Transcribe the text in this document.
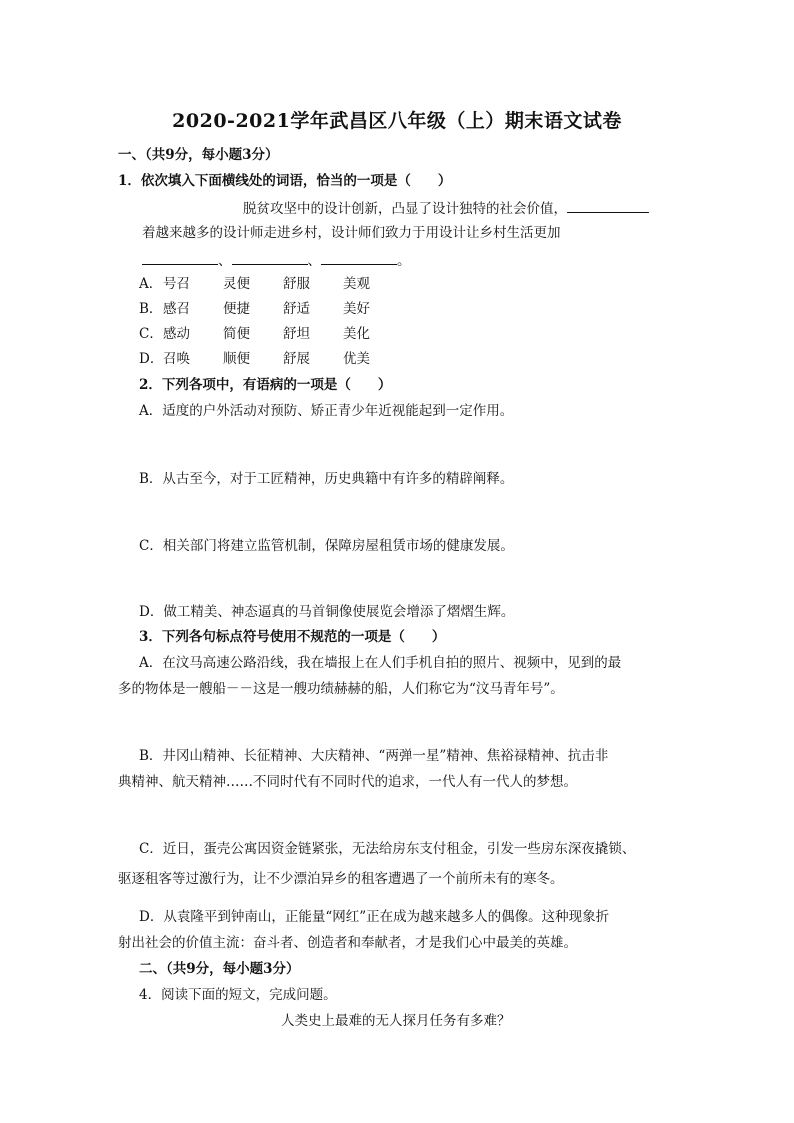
2020-2021学年武昌区八年级（上）期末语文试卷
一、（共9分，每小题3分）
1．依次填入下面横线处的词语，恰当的一项是（　　）
脱贫攻坚中的设计创新，凸显了设计独特的社会价值，
着越来越多的设计师走进乡村，设计师们致力于用设计让乡村生活更加
、	、	。
A．号召 灵便 舒服 美观
B．感召 便捷 舒适 美好
C．感动 简便 舒坦 美化
D．召唤 顺便 舒展 优美
2．下列各项中，有语病的一项是（　　）
A．适度的户外活动对预防、矫正青少年近视能起到一定作用。
B．从古至今，对于工匠精神，历史典籍中有许多的精辟阐释。
C．相关部门将建立监管机制，保障房屋租赁市场的健康发展。
D．做工精美、神态逼真的马首铜像使展览会增添了熠熠生辉。
3．下列各句标点符号使用不规范的一项是（　　）
A．在汶马高速公路沿线，我在墙报上在人们手机自拍的照片、视频中，见到的最
多的物体是一艘船－－这是一艘功绩赫赫的船，人们称它为“汶马青年号”。
B．井冈山精神、长征精神、大庆精神、“两弹一星”精神、焦裕禄精神、抗击非
典精神、航天精神……不同时代有不同时代的追求，一代人有一代人的梦想。
C．近日，蛋壳公寓因资金链紧张，无法给房东支付租金，引发一些房东深夜撬锁、
驱逐租客等过激行为，让不少漂泊异乡的租客遭遇了一个前所未有的寒冬。
D．从袁隆平到钟南山，正能量“网红”正在成为越来越多人的偶像。这种现象折
射出社会的价值主流：奋斗者、创造者和奉献者，才是我们心中最美的英雄。
二、（共9分，每小题3分）
4．阅读下面的短文，完成问题。
人类史上最难的无人探月任务有多难？
